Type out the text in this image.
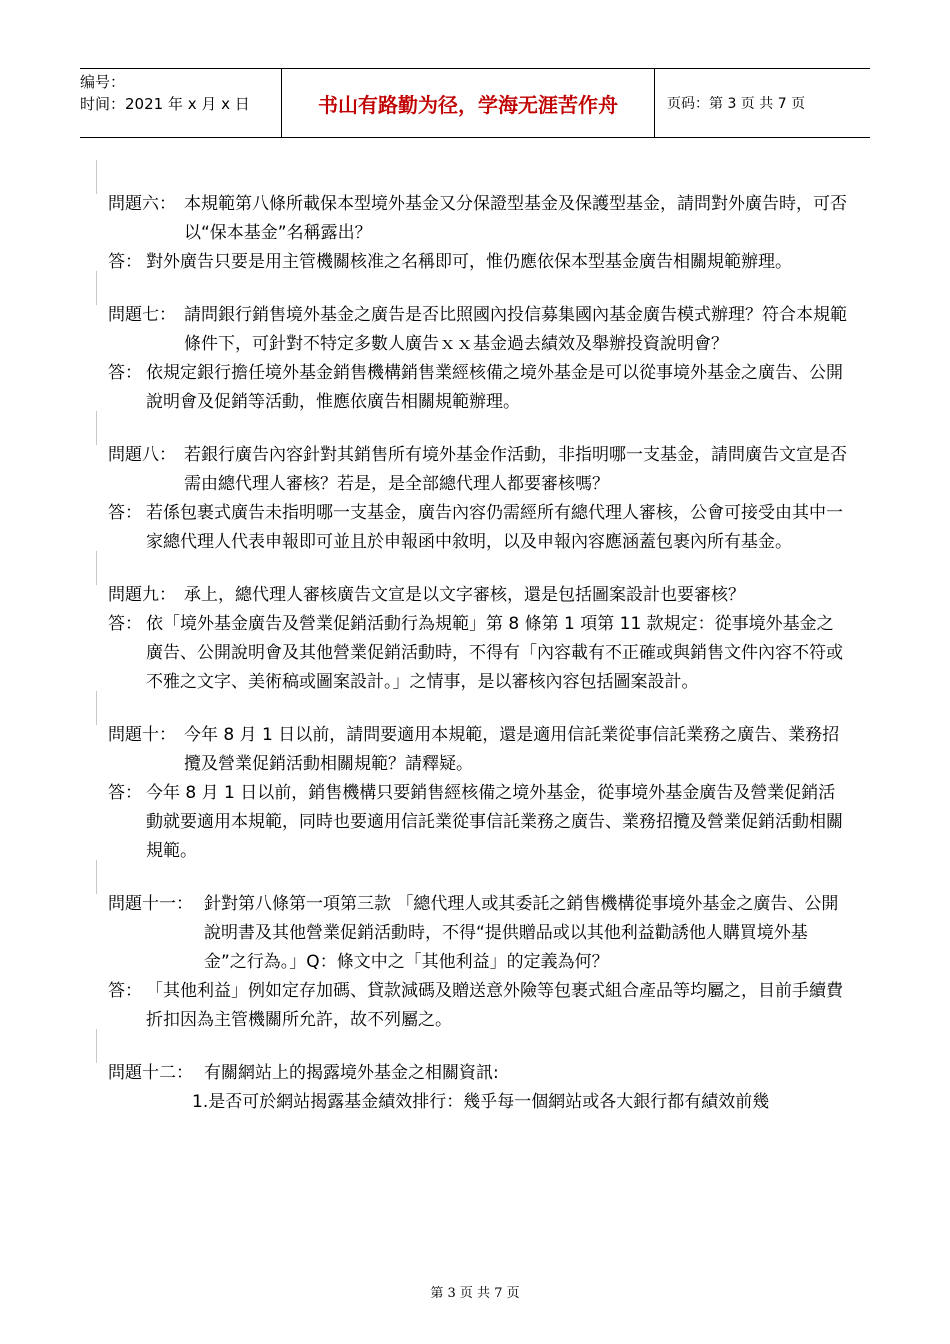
编号：
时间：2021 年 x 月 x 日	书山有路勤为径，学海无涯苦作舟	页码：第 3 页 共 7 页
問題六： 本規範第八條所載保本型境外基金又分保證型基金及保護型基金，請問對外廣告時，可否以“保本基金”名稱露出？
答： 對外廣告只要是用主管機關核准之名稱即可，惟仍應依保本型基金廣告相關規範辦理。
問題七： 請問銀行銷售境外基金之廣告是否比照國內投信募集國內基金廣告模式辦理？符合本規範條件下，可針對不特定多數人廣告ｘｘ基金過去績效及舉辦投資說明會？
答： 依規定銀行擔任境外基金銷售機構銷售業經核備之境外基金是可以從事境外基金之廣告、公開說明會及促銷等活動，惟應依廣告相關規範辦理。
問題八： 若銀行廣告內容針對其銷售所有境外基金作活動，非指明哪一支基金，請問廣告文宣是否需由總代理人審核？若是，是全部總代理人都要審核嗎？
答： 若係包裹式廣告未指明哪一支基金，廣告內容仍需經所有總代理人審核，公會可接受由其中一家總代理人代表申報即可並且於申報函中敘明，以及申報內容應涵蓋包裹內所有基金。
問題九： 承上，總代理人審核廣告文宣是以文字審核，還是包括圖案設計也要審核？
答： 依「境外基金廣告及營業促銷活動行為規範」第 8 條第 1 項第 11 款規定：從事境外基金之廣告、公開說明會及其他營業促銷活動時，不得有「內容載有不正確或與銷售文件內容不符或不雅之文字、美術稿或圖案設計。」之情事，是以審核內容包括圖案設計。
問題十： 今年 8 月 1 日以前，請問要適用本規範，還是適用信託業從事信託業務之廣告、業務招攬及營業促銷活動相關規範？請釋疑。
答： 今年 8 月 1 日以前，銷售機構只要銷售經核備之境外基金，從事境外基金廣告及營業促銷活動就要適用本規範，同時也要適用信託業從事信託業務之廣告、業務招攬及營業促銷活動相關規範。
問題十一： 針對第八條第一項第三款 「總代理人或其委託之銷售機構從事境外基金之廣告、公開說明書及其他營業促銷活動時，不得“提供贈品或以其他利益勸誘他人購買境外基金”之行為。」Q：條文中之「其他利益」的定義為何？
答： 「其他利益」例如定存加碼、貸款減碼及贈送意外險等包裹式組合產品等均屬之，目前手續費折扣因為主管機關所允許，故不列屬之。
問題十二： 有關網站上的揭露境外基金之相關資訊:
1.是否可於網站揭露基金績效排行：幾乎每一個網站或各大銀行都有績效前幾
第 3 页 共 7 页
